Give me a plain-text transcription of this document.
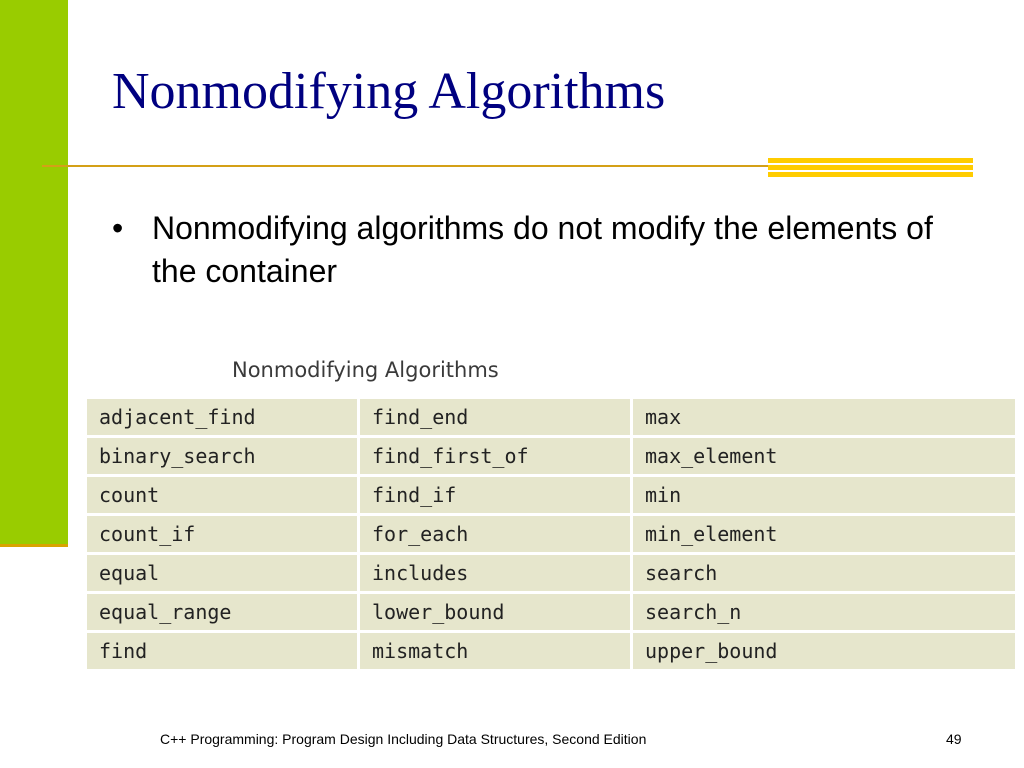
Nonmodifying Algorithms
• Nonmodifying algorithms do not modify the elements of the container
Nonmodifying Algorithms
adjacent_find	find_end	max
binary_search	find_first_of	max_element
count	find_if	min
count_if	for_each	min_element
equal	includes	search
equal_range	lower_bound	search_n
find	mismatch	upper_bound
C++ Programming: Program Design Including Data Structures, Second Edition	49
